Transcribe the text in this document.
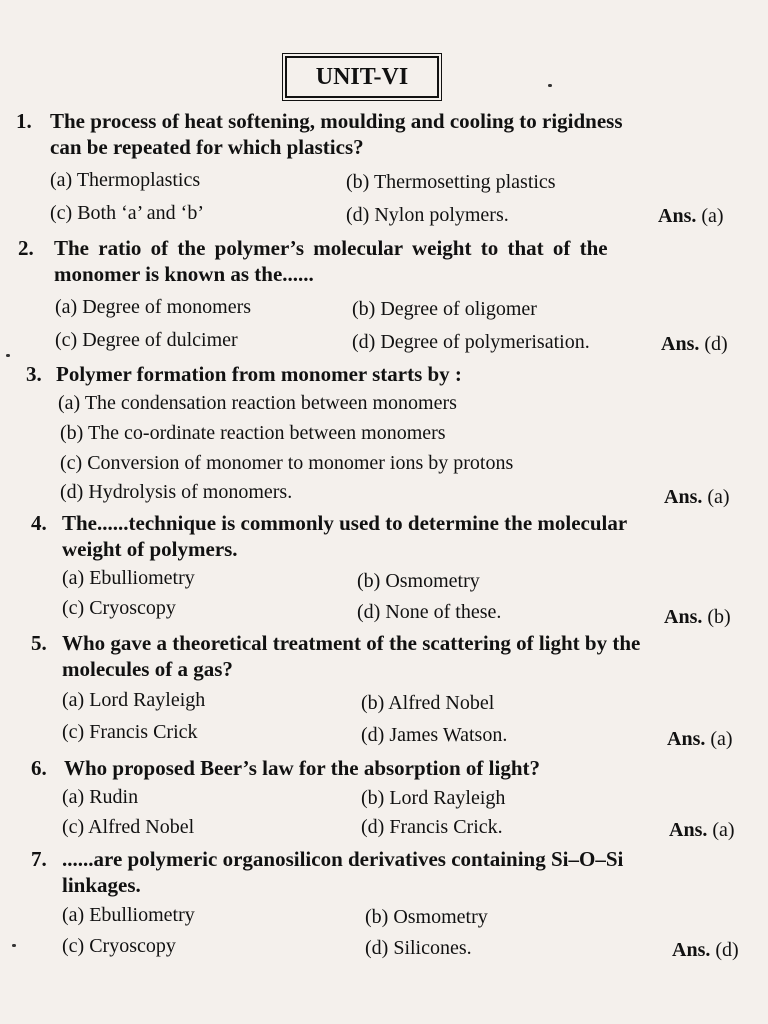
UNIT-VI
1. The process of heat softening, moulding and cooling to rigidness
can be repeated for which plastics?
(a) Thermoplastics	(b) Thermosetting plastics
(c) Both ‘a’ and ‘b’	(d) Nylon polymers.	Ans. (a)
2. The ratio of the polymer’s molecular weight to that of the
monomer is known as the......
(a) Degree of monomers	(b) Degree of oligomer
(c) Degree of dulcimer	(d) Degree of polymerisation.	Ans. (d)
3. Polymer formation from monomer starts by :
(a) The condensation reaction between monomers
(b) The co-ordinate reaction between monomers
(c) Conversion of monomer to monomer ions by protons
(d) Hydrolysis of monomers.	Ans. (a)
4. The......technique is commonly used to determine the molecular
weight of polymers.
(a) Ebulliometry	(b) Osmometry
(c) Cryoscopy	(d) None of these.	Ans. (b)
5. Who gave a theoretical treatment of the scattering of light by the
molecules of a gas?
(a) Lord Rayleigh	(b) Alfred Nobel
(c) Francis Crick	(d) James Watson.	Ans. (a)
6. Who proposed Beer’s law for the absorption of light?
(a) Rudin	(b) Lord Rayleigh
(c) Alfred Nobel	(d) Francis Crick.	Ans. (a)
7. ......are polymeric organosilicon derivatives containing Si–O–Si
linkages.
(a) Ebulliometry	(b) Osmometry
(c) Cryoscopy	(d) Silicones.	Ans. (d)
